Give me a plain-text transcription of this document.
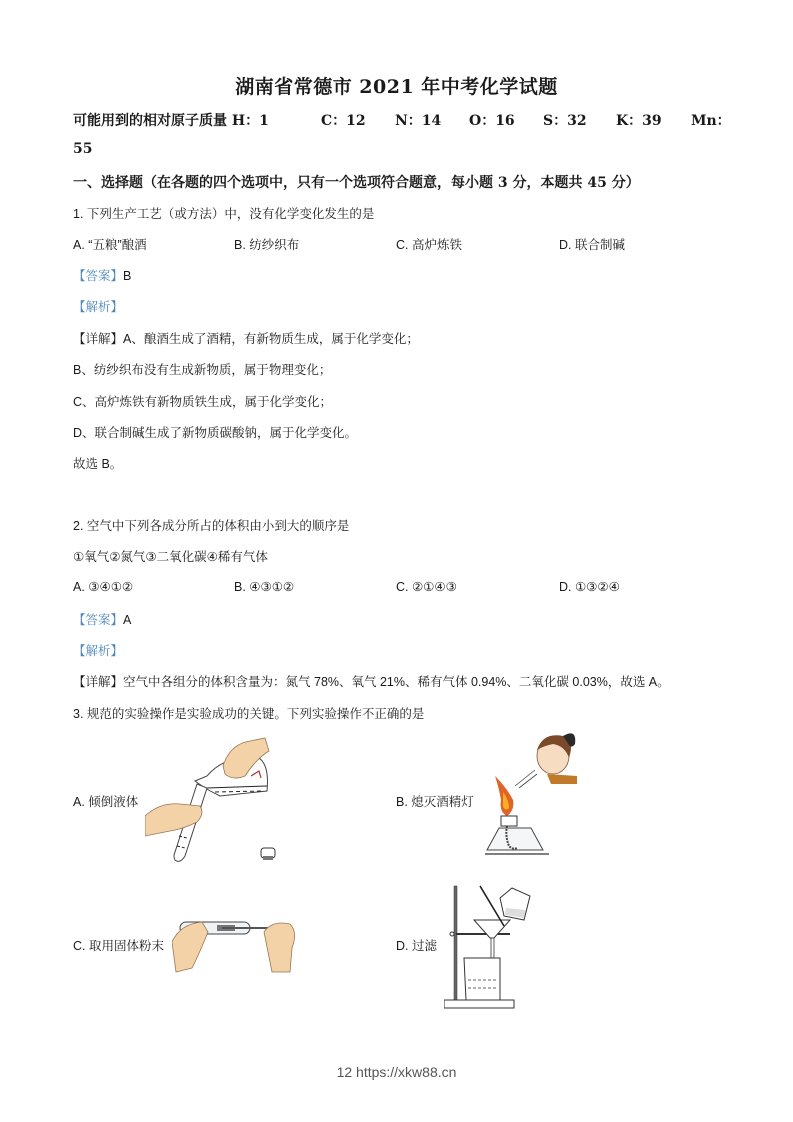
湖南省常德市 2021 年中考化学试题
可能用到的相对原子质量 H：1	C：12 N：14 O：16 S：32 K：39 Mn：
55
一、选择题（在各题的四个选项中，只有一个选项符合题意，每小题 3 分，本题共 45 分）
1. 下列生产工艺（或方法）中，没有化学变化发生的是
A. “五粮”酿酒	B. 纺纱织布	C. 高炉炼铁	D. 联合制碱
【答案】B
【解析】
【详解】A、酿酒生成了酒精，有新物质生成，属于化学变化；
B、纺纱织布没有生成新物质，属于物理变化；
C、高炉炼铁有新物质铁生成，属于化学变化；
D、联合制碱生成了新物质碳酸钠，属于化学变化。
故选 B。
2. 空气中下列各成分所占的体积由小到大的顺序是
①氧气②氮气③二氧化碳④稀有气体
A. ③④①②	B. ④③①②	C. ②①④③	D. ①③②④
【答案】A
【解析】
【详解】空气中各组分的体积含量为：氮气 78%、氧气 21%、稀有气体 0.94%、二氧化碳 0.03%，故选 A。
3. 规范的实验操作是实验成功的关键。下列实验操作不正确的是
A. 倾倒液体	B. 熄灭酒精灯
C. 取用固体粉末	D. 过滤
12 https://xkw88.cn
